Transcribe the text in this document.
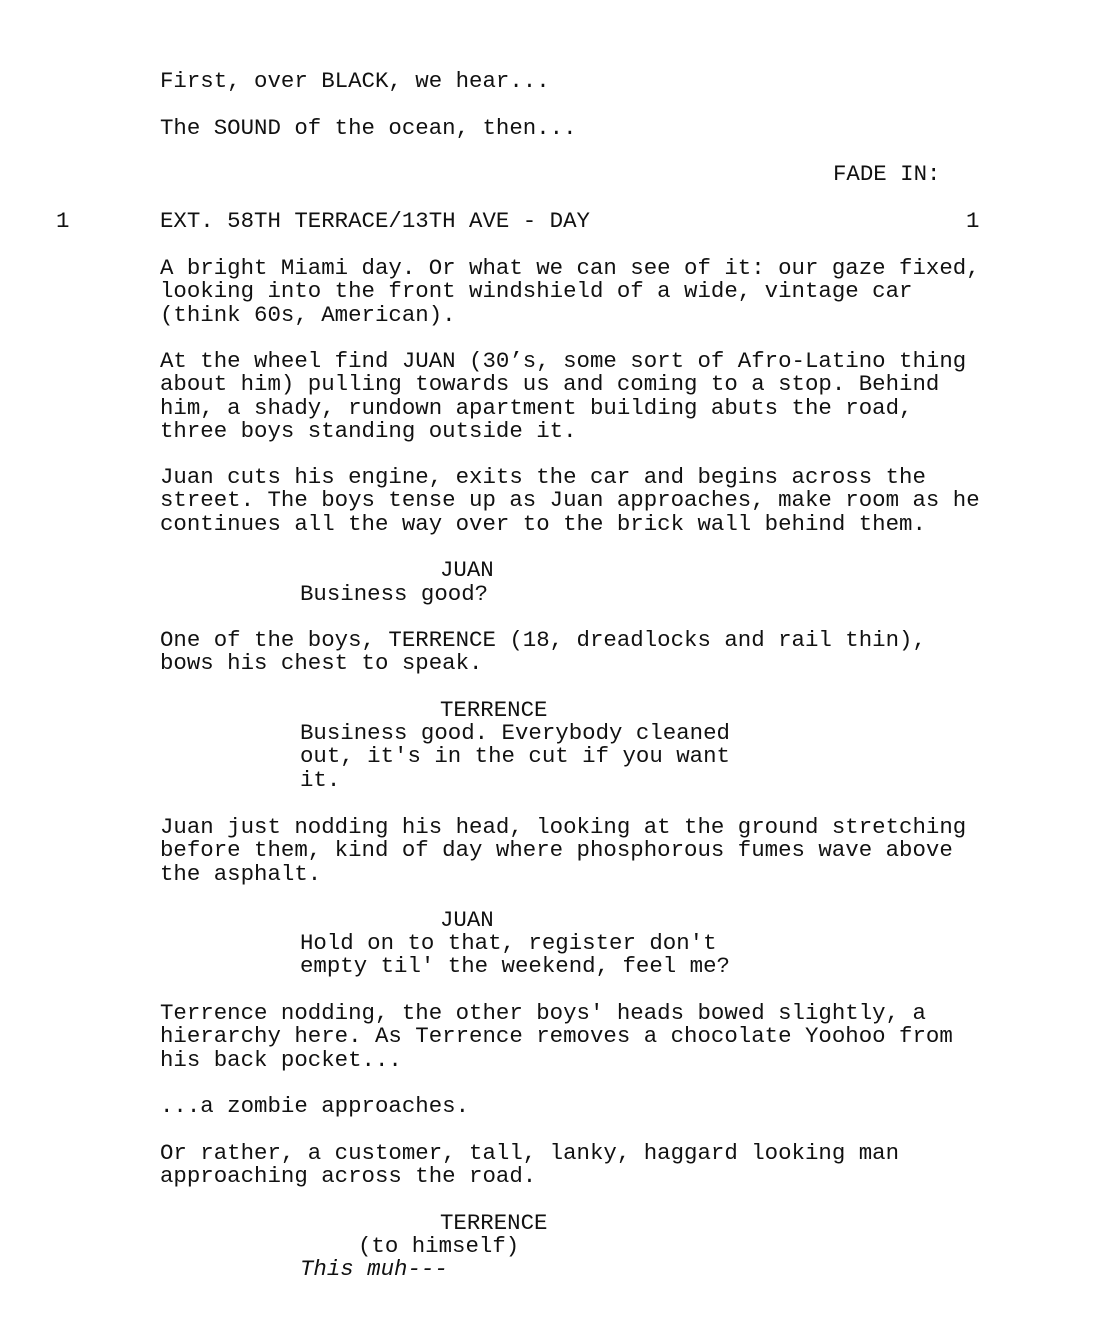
First, over BLACK, we hear...

The SOUND of the ocean, then...

FADE IN:

1	EXT. 58TH TERRACE/13TH AVE - DAY	1

A bright Miami day. Or what we can see of it: our gaze fixed,
looking into the front windshield of a wide, vintage car
(think 60s, American).

At the wheel find JUAN (30’s, some sort of Afro-Latino thing
about him) pulling towards us and coming to a stop. Behind
him, a shady, rundown apartment building abuts the road,
three boys standing outside it.

Juan cuts his engine, exits the car and begins across the
street. The boys tense up as Juan approaches, make room as he
continues all the way over to the brick wall behind them.

JUAN

Business good?

One of the boys, TERRENCE (18, dreadlocks and rail thin),
bows his chest to speak.

TERRENCE

Business good. Everybody cleaned
out, it's in the cut if you want
it.

Juan just nodding his head, looking at the ground stretching
before them, kind of day where phosphorous fumes wave above
the asphalt.

JUAN

Hold on to that, register don't
empty til' the weekend, feel me?

Terrence nodding, the other boys' heads bowed slightly, a
hierarchy here. As Terrence removes a chocolate Yoohoo from
his back pocket...

...a zombie approaches.

Or rather, a customer, tall, lanky, haggard looking man
approaching across the road.

TERRENCE

(to himself)

This muh---
